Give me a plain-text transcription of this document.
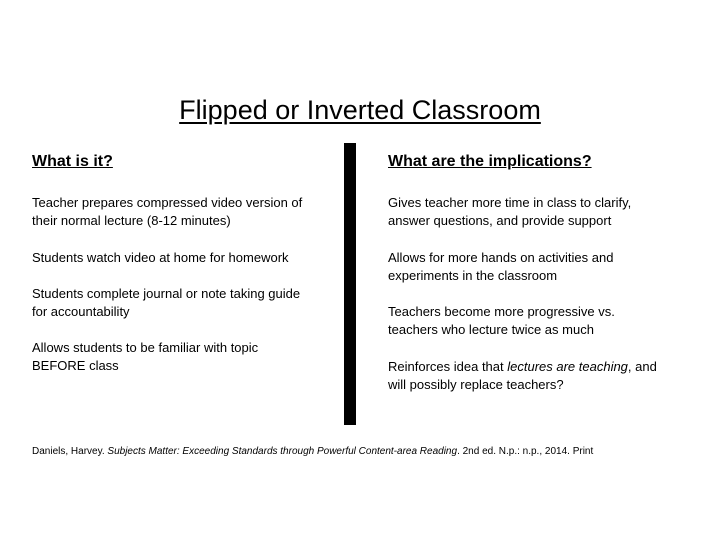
Flipped or Inverted Classroom
What is it?	What are the implications?
Teacher prepares compressed video version of
their normal lecture (8-12 minutes)
Students watch video at home for homework
Students complete journal or note taking guide
for accountability
Allows students to be familiar with topic
BEFORE class
Gives teacher more time in class to clarify,
answer questions, and provide support
Allows for more hands on activities and
experiments in the classroom
Teachers become more progressive vs.
teachers who lecture twice as much
Reinforces idea that lectures are teaching, and
will possibly replace teachers?
Daniels, Harvey. Subjects Matter: Exceeding Standards through Powerful Content-area Reading. 2nd ed. N.p.: n.p., 2014. Print
